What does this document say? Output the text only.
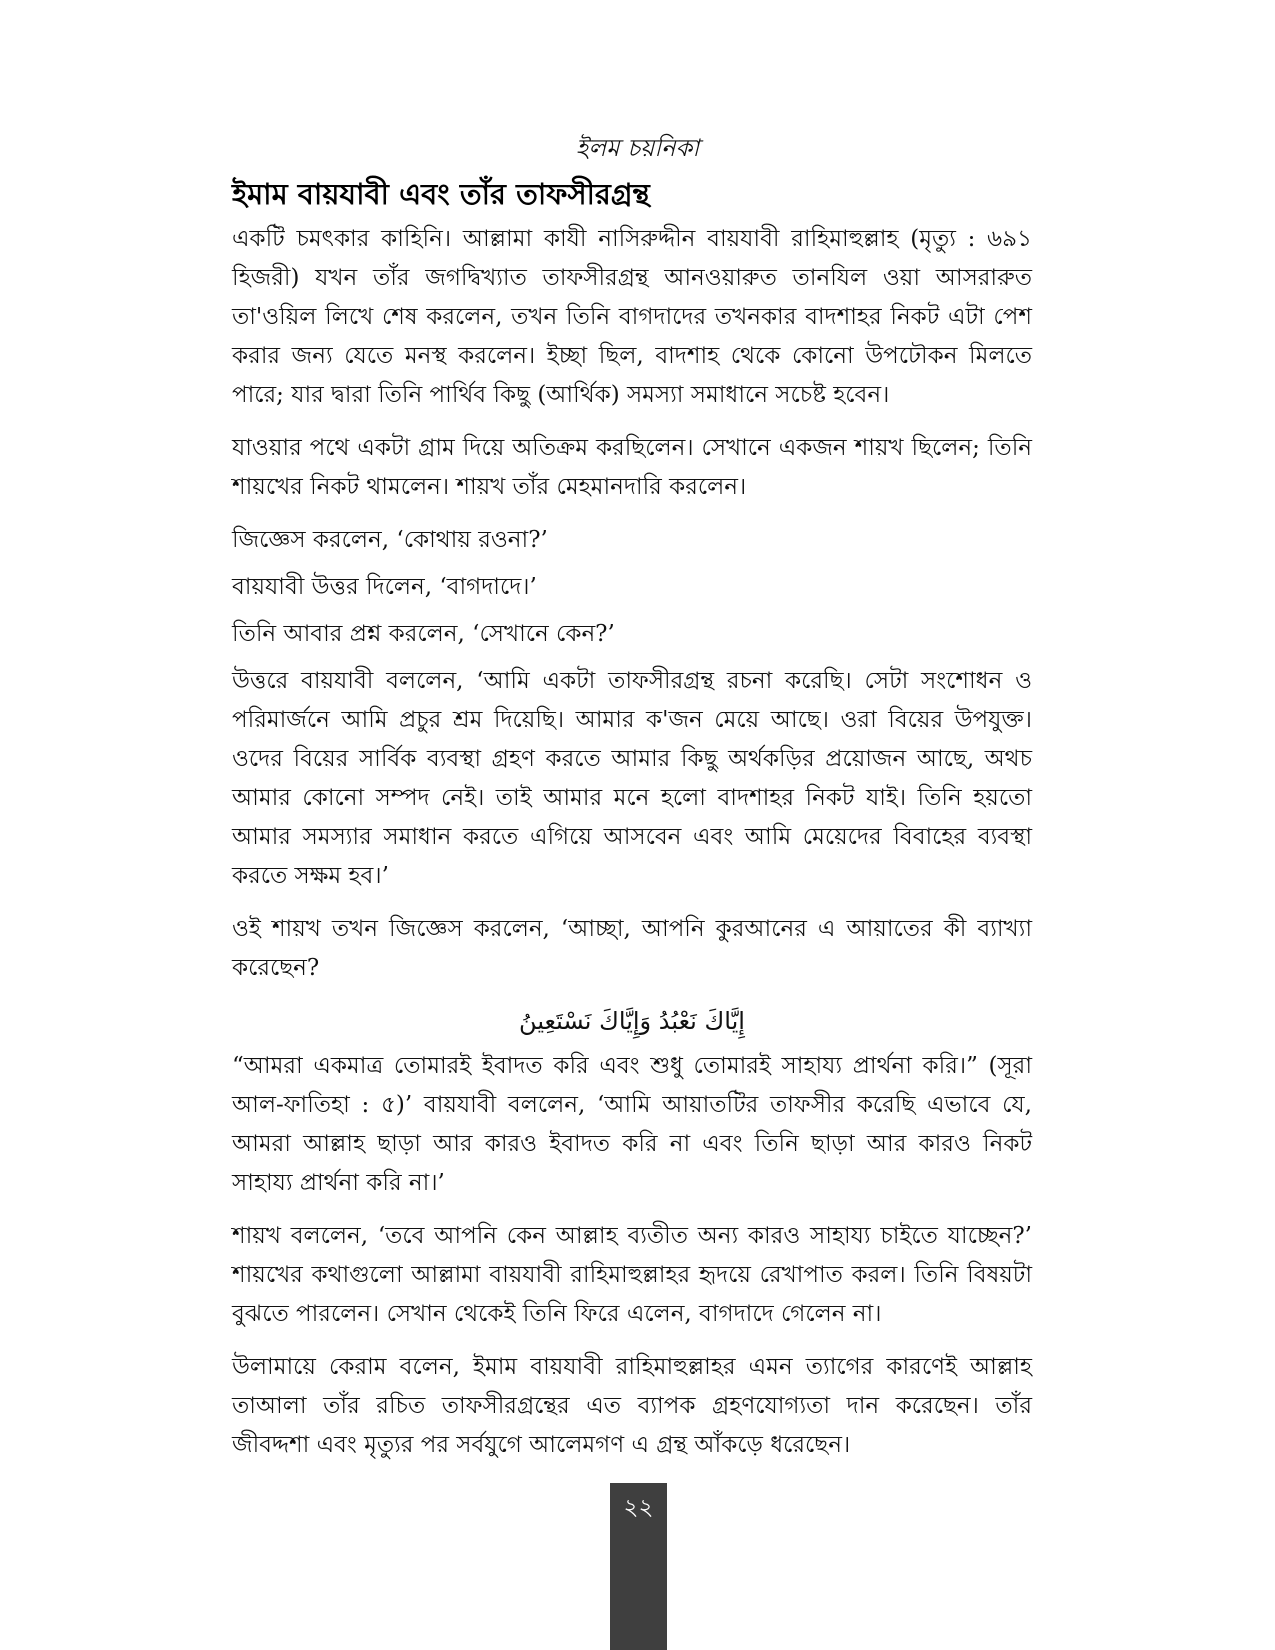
ইলম চয়নিকা
ইমাম বায়যাবী এবং তাঁর তাফসীরগ্রন্থ

একটি চমৎকার কাহিনি। আল্লামা কাযী নাসিরুদ্দীন বায়যাবী রাহিমাহুল্লাহ (মৃত্যু : ৬৯১ হিজরী) যখন তাঁর জগদ্বিখ্যাত তাফসীরগ্রন্থ আনওয়ারুত তানযিল ওয়া আসরারুত তা'ওয়িল লিখে শেষ করলেন, তখন তিনি বাগদাদের তখনকার বাদশাহর নিকট এটা পেশ করার জন্য যেতে মনস্থ করলেন। ইচ্ছা ছিল, বাদশাহ থেকে কোনো উপঢৌকন মিলতে পারে; যার দ্বারা তিনি পার্থিব কিছু (আর্থিক) সমস্যা সমাধানে সচেষ্ট হবেন।

যাওয়ার পথে একটা গ্রাম দিয়ে অতিক্রম করছিলেন। সেখানে একজন শায়খ ছিলেন; তিনি শায়খের নিকট থামলেন। শায়খ তাঁর মেহমানদারি করলেন।

জিজ্ঞেস করলেন, ‘কোথায় রওনা?’

বায়যাবী উত্তর দিলেন, ‘বাগদাদে।’

তিনি আবার প্রশ্ন করলেন, ‘সেখানে কেন?’

উত্তরে বায়যাবী বললেন, ‘আমি একটা তাফসীরগ্রন্থ রচনা করেছি। সেটা সংশোধন ও পরিমার্জনে আমি প্রচুর শ্রম দিয়েছি। আমার ক'জন মেয়ে আছে। ওরা বিয়ের উপযুক্ত। ওদের বিয়ের সার্বিক ব্যবস্থা গ্রহণ করতে আমার কিছু অর্থকড়ির প্রয়োজন আছে, অথচ আমার কোনো সম্পদ নেই। তাই আমার মনে হলো বাদশাহর নিকট যাই। তিনি হয়তো আমার সমস্যার সমাধান করতে এগিয়ে আসবেন এবং আমি মেয়েদের বিবাহের ব্যবস্থা করতে সক্ষম হব।’

ওই শায়খ তখন জিজ্ঞেস করলেন, ‘আচ্ছা, আপনি কুরআনের এ আয়াতের কী ব্যাখ্যা করেছেন?

إِيَّاكَ نَعْبُدُ وَإِيَّاكَ نَسْتَعِينُ

“আমরা একমাত্র তোমারই ইবাদত করি এবং শুধু তোমারই সাহায্য প্রার্থনা করি।” (সূরা আল-ফাতিহা : ৫)’ বায়যাবী বললেন, ‘আমি আয়াতটির তাফসীর করেছি এভাবে যে, আমরা আল্লাহ ছাড়া আর কারও ইবাদত করি না এবং তিনি ছাড়া আর কারও নিকট সাহায্য প্রার্থনা করি না।’

শায়খ বললেন, ‘তবে আপনি কেন আল্লাহ ব্যতীত অন্য কারও সাহায্য চাইতে যাচ্ছেন?’ শায়খের কথাগুলো আল্লামা বায়যাবী রাহিমাহুল্লাহর হৃদয়ে রেখাপাত করল। তিনি বিষয়টা বুঝতে পারলেন। সেখান থেকেই তিনি ফিরে এলেন, বাগদাদে গেলেন না।

উলামায়ে কেরাম বলেন, ইমাম বায়যাবী রাহিমাহুল্লাহর এমন ত্যাগের কারণেই আল্লাহ তাআলা তাঁর রচিত তাফসীরগ্রন্থের এত ব্যাপক গ্রহণযোগ্যতা দান করেছেন। তাঁর জীবদ্দশা এবং মৃত্যুর পর সর্বযুগে আলেমগণ এ গ্রন্থ আঁকড়ে ধরেছেন।

২২
